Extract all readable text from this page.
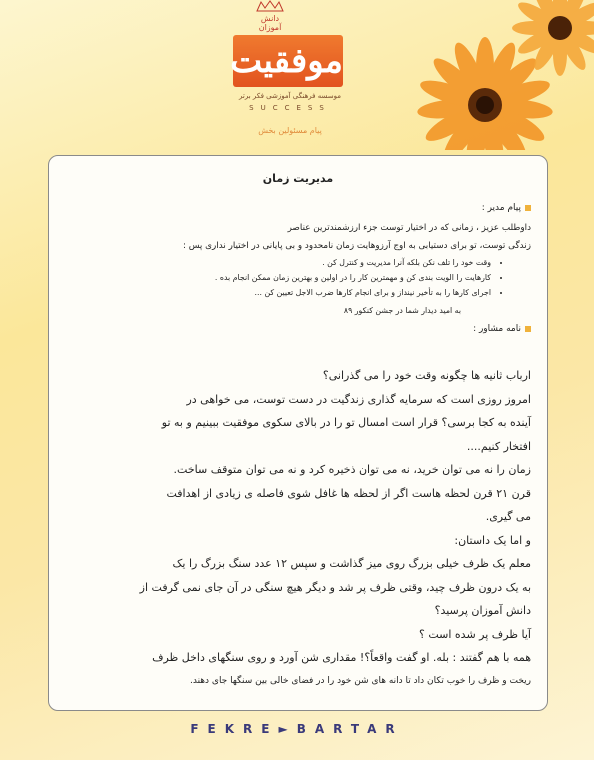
دانش آموزان
موفقیت
موسسه فرهنگی آموزشی فکر برتر
SUCCESS
پیام مسئولین بخش
مدیریت زمان
پیام مدیر :
داوطلب عزیز ، زمانی که در اختیار توست جزء ارزشمندترین عناصر
زندگی توست، تو برای دستیابی به اوج آرزوهایت زمان نامحدود و بی پایانی در اختیار نداری پس :
• وقت خود را تلف نکن بلکه آنرا مدیریت و کنترل کن .
• کارهایت را الویت بندی کن و مهمترین کار را در اولین و بهترین زمان ممکن انجام بده .
• اجرای کارها را به تأخیر نینداز و برای انجام کارها ضرب الاجل تعیین کن ...
به امید دیدار شما در جشن کنکور ۸۹
نامه مشاور :

ارباب ثانیه ها چگونه وقت خود را می گذرانی؟

امروز روزی است که سرمایه گذاری زندگیت در دست توست، می خواهی در

آینده به کجا برسی؟ قرار است امسال تو را در بالای سکوی موفقیت ببینیم و به تو

افتخار کنیم....

زمان را نه می توان خرید، نه می توان ذخیره کرد و نه می توان متوقف ساخت.

قرن ۲۱ قرن لحظه هاست اگر از لحظه ها غافل شوی فاصله ی زیادی از اهدافت

می گیری.

و اما یک داستان:

معلم یک ظرف خیلی بزرگ روی میز گذاشت و سپس ۱۲ عدد سنگ بزرگ را یک

به یک درون ظرف چید، وقتی ظرف پر شد و دیگر هیچ سنگی در آن جای نمی گرفت از

دانش آموزان پرسید؟

آیا ظرف پر شده است ؟

همه با هم گفتند : بله. او گفت واقعاً؟! مقداری شن آورد و روی سنگهای داخل ظرف

ریخت و ظرف را خوب تکان داد تا دانه های شن خود را در فضای خالی بین سنگها جای دهند.

FEKRE►BARTAR
